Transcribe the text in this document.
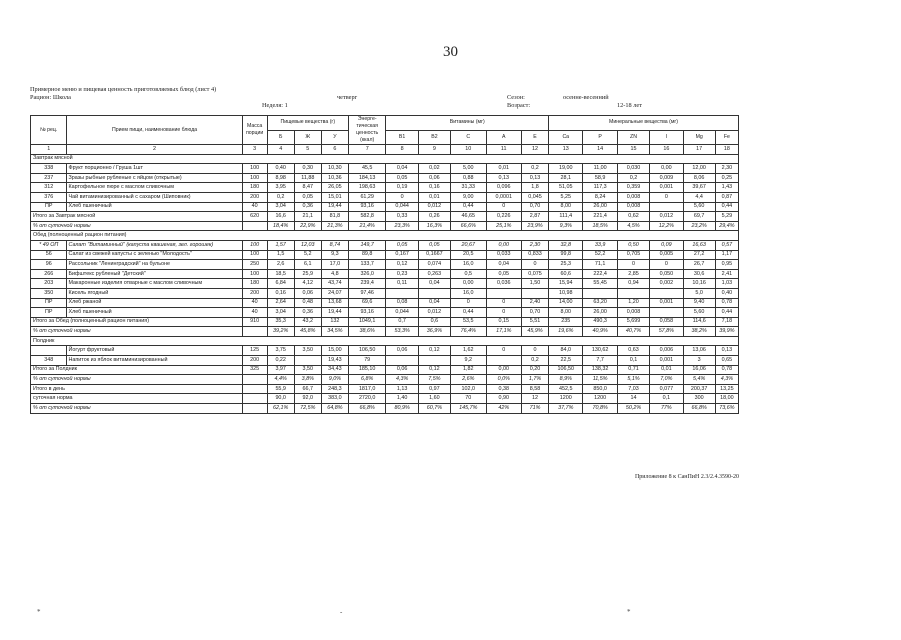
30
Примерное меню и пищевая ценность приготовляемых блюд (лист 4)
Рацион: Школа	четверг	Сезон:	осенне-весенний
Неделя: 1	Возраст:	12-18 лет
№ рец.	Прием пищи, наименование блюда	Масса порции	Пищевые вещества (г)			Энерге-тическая ценность (ккал)	Витамины (мг)					Минеральные вещества (мг)					
			Б	Ж	У		B1	B2	C	A	E	Ca	P	ZN	I	Mg	Fe
1	2	3	4	5	6	7	8	9	10	11	12	13	14	15	16	17	18
Завтрак мясной																	
338	Фрукт порционно / Груша 1шт	100	0,40	0,30	10,30	45,5	0,04	0,02	5,00	0,01	0,2	19,00	11,00	0,030	0,00	12,00	2,30
237	Зразы рыбные рубленые с яйцом (открытые)	100	8,98	11,88	10,36	184,13	0,05	0,06	0,88	0,13	0,13	28,1	58,9	0,2	0,009	8,06	0,25
312	Картофельное пюре с маслом сливочным	180	3,95	8,47	26,05	198,63	0,19	0,16	31,33	0,096	1,8	51,05	117,3	0,359	0,001	39,67	1,43
376	Чай витаминизированный с сахаром (Шиповник)	200	0,2	0,05	15,01	61,29	0	0,01	9,00	0,0001	0,045	5,25	8,24	0,008	0	4,4	0,87
ПР	Хлеб пшеничный	40	3,04	0,36	19,44	93,16	0,044	0,012	0,44	0	0,70	8,00	26,00	0,008		5,60	0,44
Итого за Завтрак мясной		620	16,6	21,1	81,8	582,8	0,33	0,26	46,65	0,226	2,87	111,4	221,4	0,62	0,012	69,7	5,29
% от суточной нормы			18,4%	22,9%	21,3%	21,4%	23,3%	16,3%	66,6%	25,1%	23,9%	9,3%	18,5%	4,5%	12,2%	23,2%	29,4%
Обед (полноценный рацион питания)																	
* 49 ОП	Салат "Витаминный" (капуста квашеная, зел. горошек)	100	1,57	12,03	8,74	149,7	0,05	0,05	20,67	0,00	2,30	32,8	33,9	0,50	0,09	16,63	0,57
56	Салат из свежей капусты с зеленью "Молодость"	100	1,5	5,2	9,3	89,8	0,167	0,1667	20,5	0,033	0,833	99,8	52,2	0,705	0,005	27,2	1,17
96	Рассольник "Ленинградский" на бульоне	250	2,6	6,1	17,0	133,7	0,12	0,074	16,0	0,04	0	25,3	71,1	0	0	26,7	0,95
266	Бифштекс рубленый "Детский"	100	18,5	25,9	4,8	326,0	0,23	0,263	0,5	0,05	0,075	60,6	222,4	2,85	0,050	30,6	2,41
203	Макаронные изделия отварные с маслом сливочным	180	6,84	4,12	43,74	239,4	0,11	0,04	0,00	0,036	1,50	15,94	55,45	0,94	0,002	10,16	1,03
350	Кисель ягодный	200	0,16	0,06	24,07	97,46			16,0			10,98				5,0	0,40
ПР	Хлеб ржаной	40	2,64	0,48	13,68	69,6	0,08	0,04	0	0	2,40	14,00	63,20	1,20	0,001	9,40	0,78
ПР	Хлеб пшеничный	40	3,04	0,36	19,44	93,16	0,044	0,012	0,44	0	0,70	8,00	26,00	0,008		5,60	0,44
Итого за Обед (полноценный рацион питания)		910	35,3	43,2	132	1049,1	0,7	0,6	53,5	0,15	5,51	235	490,3	5,699	0,058	114,6	7,18
% от суточной нормы			39,2%	45,8%	34,5%	38,6%	53,3%	36,9%	76,4%	17,1%	45,9%	19,6%	40,9%	40,7%	57,8%	38,2%	39,9%
Полдник																	
	Йогурт фруктовый	125	3,75	3,50	15,00	106,50	0,06	0,12	1,62	0	0	84,0	130,62	0,63	0,006	13,06	0,13
348	Напиток из яблок витаминизированный	200	0,22		19,43	79			9,2		0,2	22,5	7,7	0,1	0,001	3	0,65
Итого за Полдник		325	3,97	3,50	34,43	185,10	0,06	0,12	1,82	0,00	0,20	106,50	138,32	0,71	0,01	16,06	0,78
% от суточной нормы			4,4%	3,8%	9,0%	6,8%	4,3%	7,5%	2,6%	0,0%	1,7%	8,9%	11,5%	5,1%	7,0%	5,4%	4,3%
Итого в день			55,9	66,7	248,3	1817,0	1,13	0,97	102,0	0,38	8,58	452,5	850,0	7,03	0,077	200,37	13,25
суточная норма			90,0	92,0	383,0	2720,0	1,40	1,60	70	0,90	12	1200	1200	14	0,1	300	18,00
% от суточной нормы			62,1%	72,5%	64,8%	66,8%	80,9%	60,7%	145,7%	42%	71%	37,7%	70,8%	50,2%	77%	66,8%	73,6%
Приложение 8 к СанПиН 2.3/2.4.3590-20
*	-	*
